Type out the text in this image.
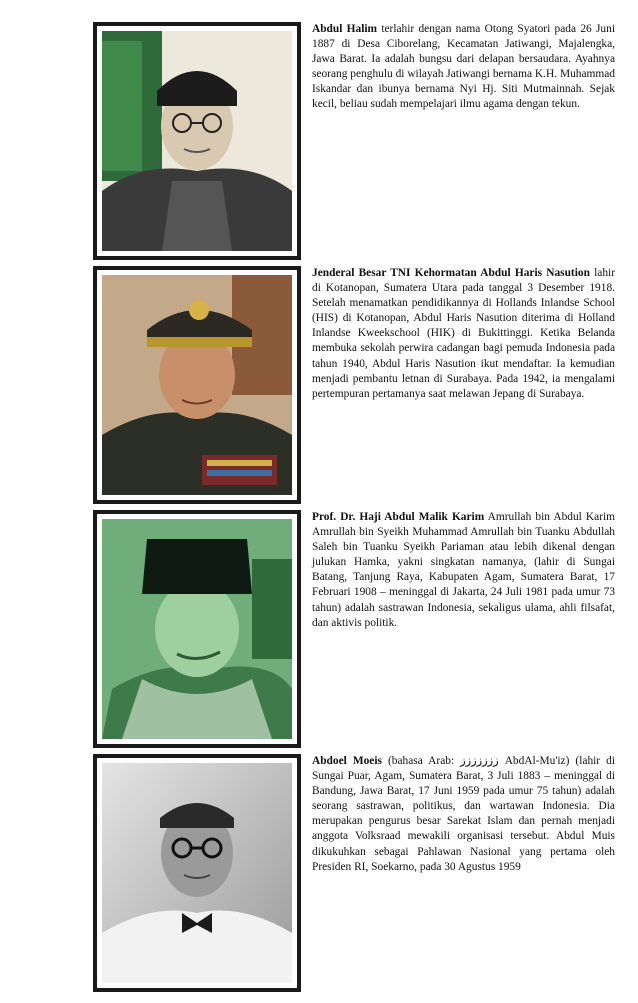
Abdul Halim terlahir dengan nama Otong Syatori pada 26 Juni 1887 di Desa Ciborelang, Kecamatan Jatiwangi, Majalengka, Jawa Barat. Ia adalah bungsu dari delapan bersaudara. Ayahnya seorang penghulu di wilayah Jatiwangi bernama K.H. Muhammad Iskandar dan ibunya bernama Nyi Hj. Siti Mutmainnah. Sejak kecil, beliau sudah mempelajari ilmu agama dengan tekun.

Jenderal Besar TNI Kehormatan Abdul Haris Nasution lahir di Kotanopan, Sumatera Utara pada tanggal 3 Desember 1918. Setelah menamatkan pendidikannya di Hollands Inlandse School (HIS) di Kotanopan, Abdul Haris Nasution diterima di Holland Inlandse Kweekschool (HIK) di Bukittinggi. Ketika Belanda membuka sekolah perwira cadangan bagi pemuda Indonesia pada tahun 1940, Abdul Haris Nasution ikut mendaftar. Ia kemudian menjadi pembantu letnan di Surabaya. Pada 1942, ia mengalami pertempuran pertamanya saat melawan Jepang di Surabaya.

Prof. Dr. Haji Abdul Malik Karim Amrullah bin Abdul Karim Amrullah bin Syeikh Muhammad Amrullah bin Tuanku Abdullah Saleh bin Tuanku Syeikh Pariaman atau lebih dikenal dengan julukan Hamka, yakni singkatan namanya, (lahir di Sungai Batang, Tanjung Raya, Kabupaten Agam, Sumatera Barat, 17 Februari 1908 – meninggal di Jakarta, 24 Juli 1981 pada umur 73 tahun) adalah sastrawan Indonesia, sekaligus ulama, ahli filsafat, dan aktivis politik.

Abdoel Moeis (bahasa Arab: ززززززز AbdAl-Mu'iz) (lahir di Sungai Puar, Agam, Sumatera Barat, 3 Juli 1883 – meninggal di Bandung, Jawa Barat, 17 Juni 1959 pada umur 75 tahun) adalah seorang sastrawan, politikus, dan wartawan Indonesia. Dia merupakan pengurus besar Sarekat Islam dan pernah menjadi anggota Volksraad mewakili organisasi tersebut. Abdul Muis dikukuhkan sebagai Pahlawan Nasional yang pertama oleh Presiden RI, Soekarno, pada 30 Agustus 1959
